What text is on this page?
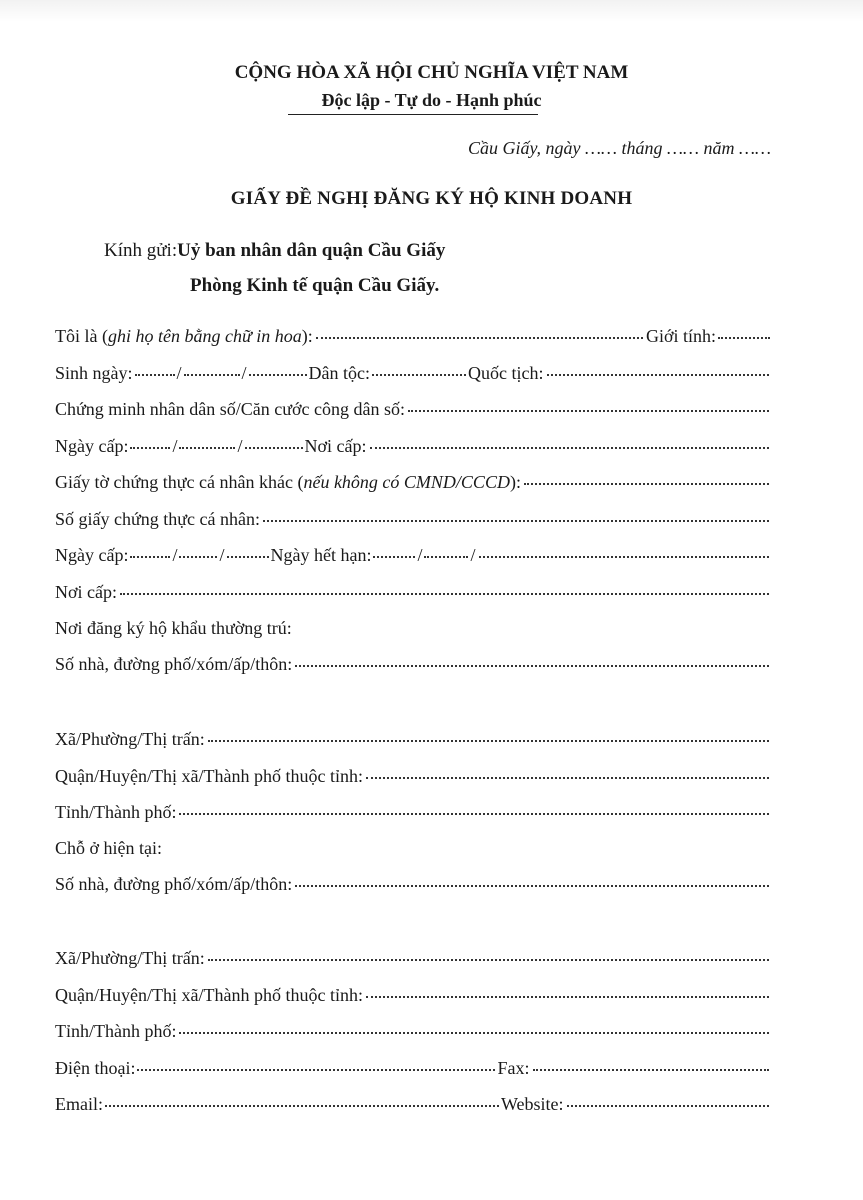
CỘNG HÒA XÃ HỘI CHỦ NGHĨA VIỆT NAM
Độc lập - Tự do - Hạnh phúc
Cầu Giấy, ngày …… tháng …… năm ……
GIẤY ĐỀ NGHỊ ĐĂNG KÝ HỘ KINH DOANH
Kính gửi:Uỷ ban nhân dân quận Cầu Giấy
Phòng Kinh tế quận Cầu Giấy.
Tôi là ( ghi họ tên bằng chữ in hoa ):	Giới tính:
Sinh ngày: /	/	Dân tộc:	Quốc tịch:
Chứng minh nhân dân số/Căn cước công dân số:
Ngày cấp: /	/	Nơi cấp:
Giấy tờ chứng thực cá nhân khác ( nếu không có CMND/CCCD ):
Số giấy chứng thực cá nhân:
Ngày cấp: / /	Ngày hết hạn:	/	/
Nơi cấp:
Nơi đăng ký hộ khẩu thường trú:
Số nhà, đường phố/xóm/ấp/thôn:
Xã/Phường/Thị trấn:
Quận/Huyện/Thị xã/Thành phố thuộc tỉnh:
Tỉnh/Thành phố:
Chỗ ở hiện tại:
Số nhà, đường phố/xóm/ấp/thôn:
Xã/Phường/Thị trấn:
Quận/Huyện/Thị xã/Thành phố thuộc tỉnh:
Tỉnh/Thành phố:
Điện thoại:	Fax:
Email:	Website:
